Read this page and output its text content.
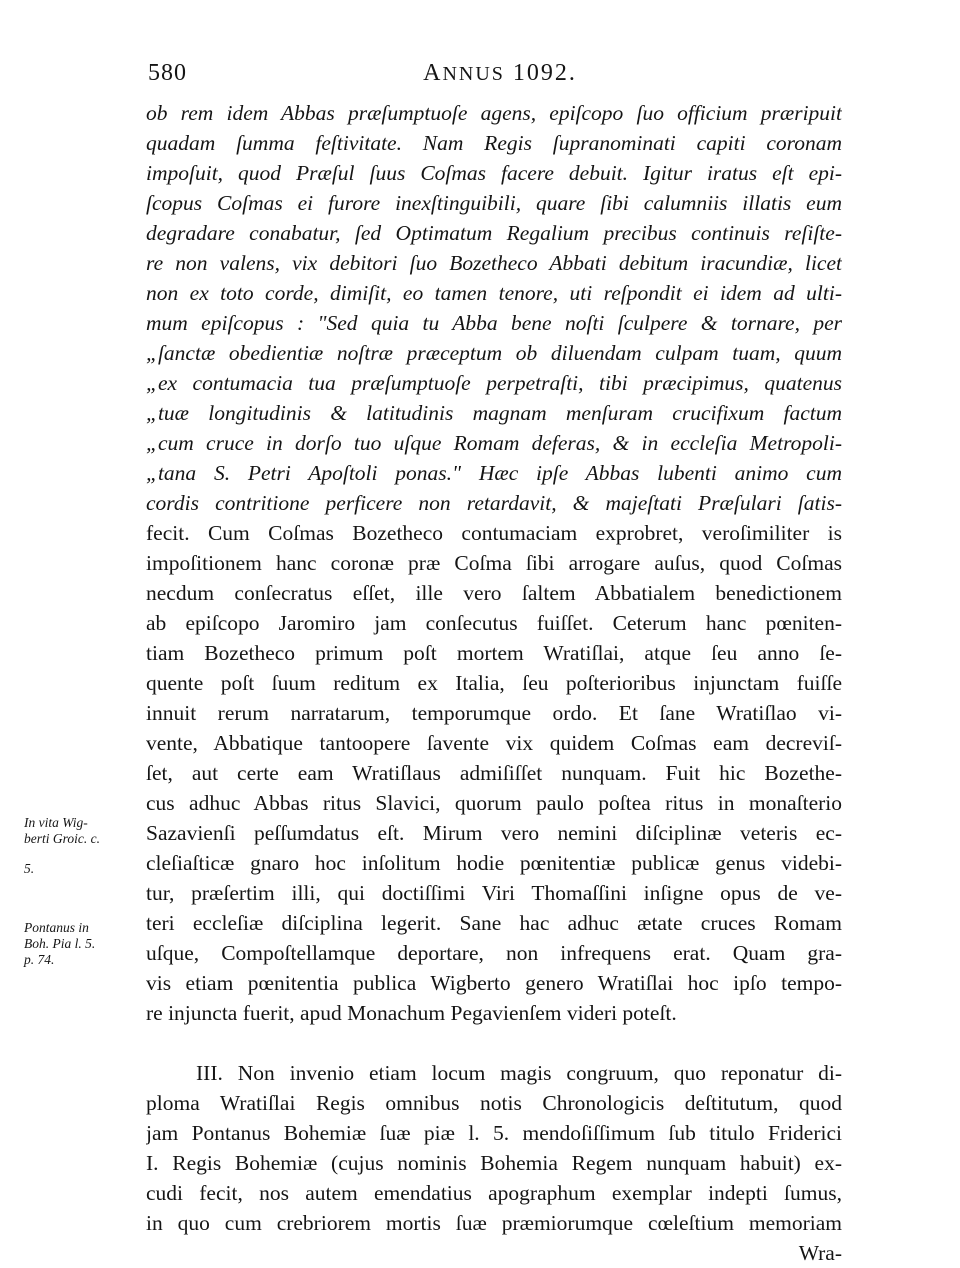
580	ANNUS 1092.
ob rem idem Abbas præſumptuoſe agens, epiſcopo ſuo officium præripuit
quadam ſumma feſtivitate. Nam Regis ſupranominati capiti coronam
impoſuit, quod Præſul ſuus Coſmas facere debuit. Igitur iratus eſt epi-
ſcopus Coſmas ei furore inexſtinguibili, quare ſibi calumniis illatis eum
degradare conabatur, ſed Optimatum Regalium precibus continuis reſiſte-
re non valens, vix debitori ſuo Bozetheco Abbati debitum iracundiæ, licet
non ex toto corde, dimiſit, eo tamen tenore, uti reſpondit ei idem ad ulti-
mum epiſcopus : "Sed quia tu Abba bene noſti ſculpere & tornare, per
„ſanctæ obedientiæ noſtræ præceptum ob diluendam culpam tuam, quum
„ex contumacia tua præſumptuoſe perpetraſti, tibi præcipimus, quatenus
„tuæ longitudinis & latitudinis magnam menſuram crucifixum factum
„cum cruce in dorſo tuo uſque Romam deferas, & in eccleſia Metropoli-
„tana S. Petri Apoſtoli ponas." Hæc ipſe Abbas lubenti animo cum
cordis contritione perficere non retardavit, & majeſtati Præſulari ſatis-
fecit. Cum Coſmas Bozetheco contumaciam exprobret, veroſimiliter is
impoſitionem hanc coronæ præ Coſma ſibi arrogare auſus, quod Coſmas
necdum conſecratus eſſet, ille vero ſaltem Abbatialem benedictionem
ab epiſcopo Jaromiro jam conſecutus fuiſſet. Ceterum hanc pœniten-
tiam Bozetheco primum poſt mortem Wratiſlai, atque ſeu anno ſe-
quente poſt ſuum reditum ex Italia, ſeu poſterioribus injunctam fuiſſe
innuit rerum narratarum, temporumque ordo. Et ſane Wratiſlao vi-
vente, Abbatique tantoopere ſavente vix quidem Coſmas eam decreviſ-
ſet, aut certe eam Wratiſlaus admiſiſſet nunquam. Fuit hic Bozethe-
cus adhuc Abbas ritus Slavici, quorum paulo poſtea ritus in monaſterio
Sazavienſi peſſumdatus eſt. Mirum vero nemini diſciplinæ veteris ec-
cleſiaſticæ gnaro hoc inſolitum hodie pœnitentiæ publicæ genus videbi-
tur, præſertim illi, qui doctiſſimi Viri Thomaſſini inſigne opus de ve-
teri eccleſiæ diſciplina legerit. Sane hac adhuc ætate cruces Romam
uſque, Compoſtellamque deportare, non infrequens erat. Quam gra-
vis etiam pœnitentia publica Wigberto genero Wratiſlai hoc ipſo tempo-
re injuncta fuerit, apud Monachum Pegavienſem videri poteſt.
III. Non invenio etiam locum magis congruum, quo reponatur di-
ploma Wratiſlai Regis omnibus notis Chronologicis deſtitutum, quod
jam Pontanus Bohemiæ ſuæ piæ l. 5. mendoſiſſimum ſub titulo Friderici
I. Regis Bohemiæ (cujus nominis Bohemia Regem nunquam habuit) ex-
cudi fecit, nos autem emendatius apographum exemplar indepti ſumus,
in quo cum crebriorem mortis ſuæ præmiorumque cœleſtium memoriam
Wra-
In vita Wig-
berti Groic. c.
5.
Pontanus in
Boh. Pia l. 5.
p. 74.
